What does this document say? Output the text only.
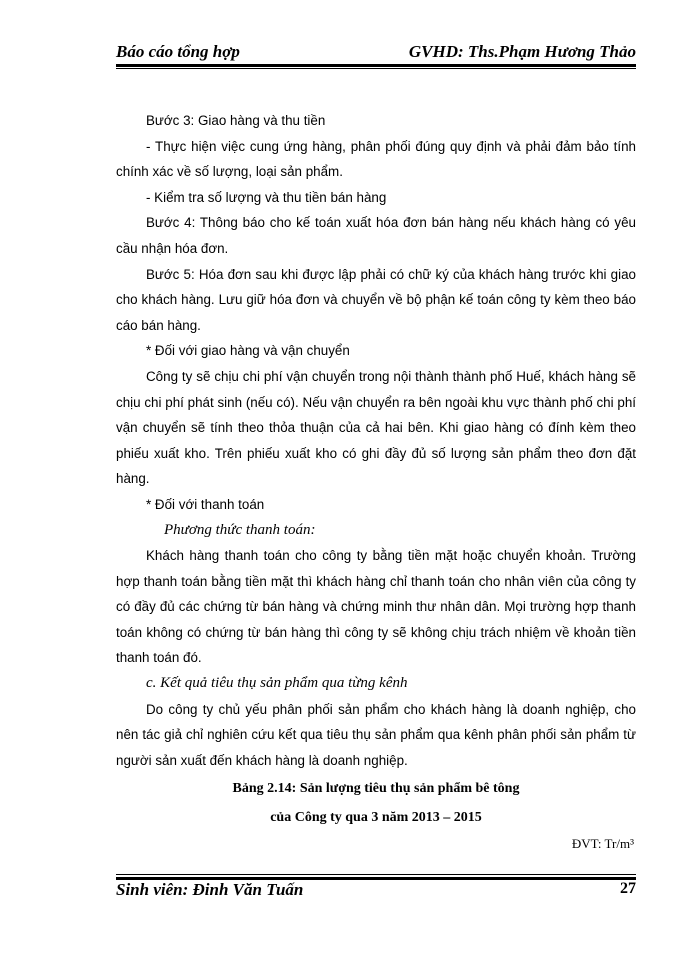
Báo cáo tổng hợp	GVHD: Ths.Phạm Hương Thảo

Bước 3: Giao hàng và thu tiền

- Thực hiện việc cung ứng hàng, phân phối đúng quy định và phải đảm bảo tính chính xác về số lượng, loại sản phẩm.

- Kiểm tra số lượng và thu tiền bán hàng

Bước 4: Thông báo cho kế toán xuất hóa đơn bán hàng nếu khách hàng có yêu cầu nhận hóa đơn.

Bước 5: Hóa đơn sau khi được lập phải có chữ ký của khách hàng trước khi giao cho khách hàng. Lưu giữ hóa đơn và chuyển về bộ phận kế toán công ty kèm theo báo cáo bán hàng.

* Đối với giao hàng và vận chuyển

Công ty sẽ chịu chi phí vận chuyển trong nội thành thành phố Huế, khách hàng sẽ chịu chi phí phát sinh (nếu có). Nếu vận chuyển ra bên ngoài khu vực thành phố chi phí vận chuyển sẽ tính theo thỏa thuận của cả hai bên. Khi giao hàng có đính kèm theo phiếu xuất kho. Trên phiếu xuất kho có ghi đầy đủ số lượng sản phẩm theo đơn đặt hàng.

* Đối với thanh toán

Phương thức thanh toán:

Khách hàng thanh toán cho công ty bằng tiền mặt hoặc chuyển khoản. Trường hợp thanh toán bằng tiền mặt thì khách hàng chỉ thanh toán cho nhân viên của công ty có đầy đủ các chứng từ bán hàng và chứng minh thư nhân dân. Mọi trường hợp thanh toán không có chứng từ bán hàng thì công ty sẽ không chịu trách nhiệm về khoản tiền thanh toán đó.

c. Kết quả tiêu thụ sản phẩm qua từng kênh

Do công ty chủ yếu phân phối sản phẩm cho khách hàng là doanh nghiệp, cho nên tác giả chỉ nghiên cứu kết qua tiêu thụ sản phẩm qua kênh phân phối sản phẩm từ người sản xuất đến khách hàng là doanh nghiệp.

Bảng 2.14: Sản lượng tiêu thụ sản phẩm bê tông

của Công ty qua 3 năm 2013 – 2015

ĐVT: Tr/m³

Sinh viên: Đinh Văn Tuấn	27
